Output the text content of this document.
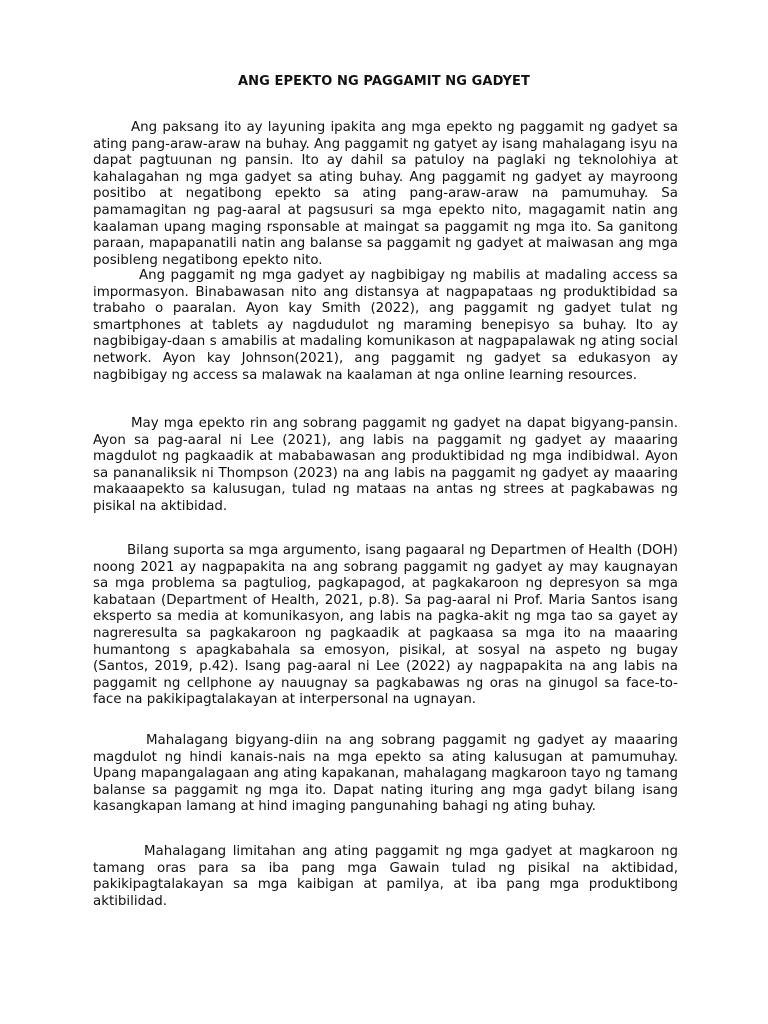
ANG EPEKTO NG PAGGAMIT NG GADYET

Ang paksang ito ay layuning ipakita ang mga epekto ng paggamit ng gadyet sa ating pang-araw-araw na buhay. Ang paggamit ng gatyet ay isang mahalagang isyu na dapat pagtuunan ng pansin. Ito ay dahil sa patuloy na paglaki ng teknolohiya at kahalagahan ng mga gadyet sa ating buhay. Ang paggamit ng gadyet ay mayroong positibo at negatibong epekto sa ating pang-araw-araw na pamumuhay. Sa pamamagitan ng pag-aaral at pagsusuri sa mga epekto nito, magagamit natin ang kaalaman upang maging rsponsable at maingat sa paggamit ng mga ito. Sa ganitong paraan, mapapanatili natin ang balanse sa paggamit ng gadyet at maiwasan ang mga posibleng negatibong epekto nito.

Ang paggamit ng mga gadyet ay nagbibigay ng mabilis at madaling access sa impormasyon. Binabawasan nito ang distansya at nagpapataas ng produktibidad sa trabaho o paaralan. Ayon kay Smith (2022), ang paggamit ng gadyet tulat ng smartphones at tablets ay nagdudulot ng maraming benepisyo sa buhay. Ito ay nagbibigay-daan s amabilis at madaling komunikason at nagpapalawak ng ating social network. Ayon kay Johnson(2021), ang paggamit ng gadyet sa edukasyon ay nagbibigay ng access sa malawak na kaalaman at nga online learning resources.

May mga epekto rin ang sobrang paggamit ng gadyet na dapat bigyang-pansin. Ayon sa pag-aaral ni Lee (2021), ang labis na paggamit ng gadyet ay maaaring magdulot ng pagkaadik at mababawasan ang produktibidad ng mga indibidwal. Ayon sa pananaliksik ni Thompson (2023) na ang labis na paggamit ng gadyet ay maaaring makaaapekto sa kalusugan, tulad ng mataas na antas ng strees at pagkabawas ng pisikal na aktibidad.

Bilang suporta sa mga argumento, isang pagaaral ng Departmen of Health (DOH) noong 2021 ay nagpapakita na ang sobrang paggamit ng gadyet ay may kaugnayan sa mga problema sa pagtuliog, pagkapagod, at pagkakaroon ng depresyon sa mga kabataan (Department of Health, 2021, p.8). Sa pag-aaral ni Prof. Maria Santos isang eksperto sa media at komunikasyon, ang labis na pagka-akit ng mga tao sa gayet ay nagreresulta sa pagkakaroon ng pagkaadik at pagkaasa sa mga ito na maaaring humantong s apagkabahala sa emosyon, pisikal, at sosyal na aspeto ng bugay (Santos, 2019, p.42). Isang pag-aaral ni Lee (2022) ay nagpapakita na ang labis na paggamit ng cellphone ay nauugnay sa pagkabawas ng oras na ginugol sa face-to-face na pakikipagtalakayan at interpersonal na ugnayan.

Mahalagang bigyang-diin na ang sobrang paggamit ng gadyet ay maaaring magdulot ng hindi kanais-nais na mga epekto sa ating kalusugan at pamumuhay. Upang mapangalagaan ang ating kapakanan, mahalagang magkaroon tayo ng tamang balanse sa paggamit ng mga ito. Dapat nating ituring ang mga gadyt bilang isang kasangkapan lamang at hind imaging pangunahing bahagi ng ating buhay.

Mahalagang limitahan ang ating paggamit ng mga gadyet at magkaroon ng tamang oras para sa iba pang mga Gawain tulad ng pisikal na aktibidad, pakikipagtalakayan sa mga kaibigan at pamilya, at iba pang mga produktibong aktibilidad.
